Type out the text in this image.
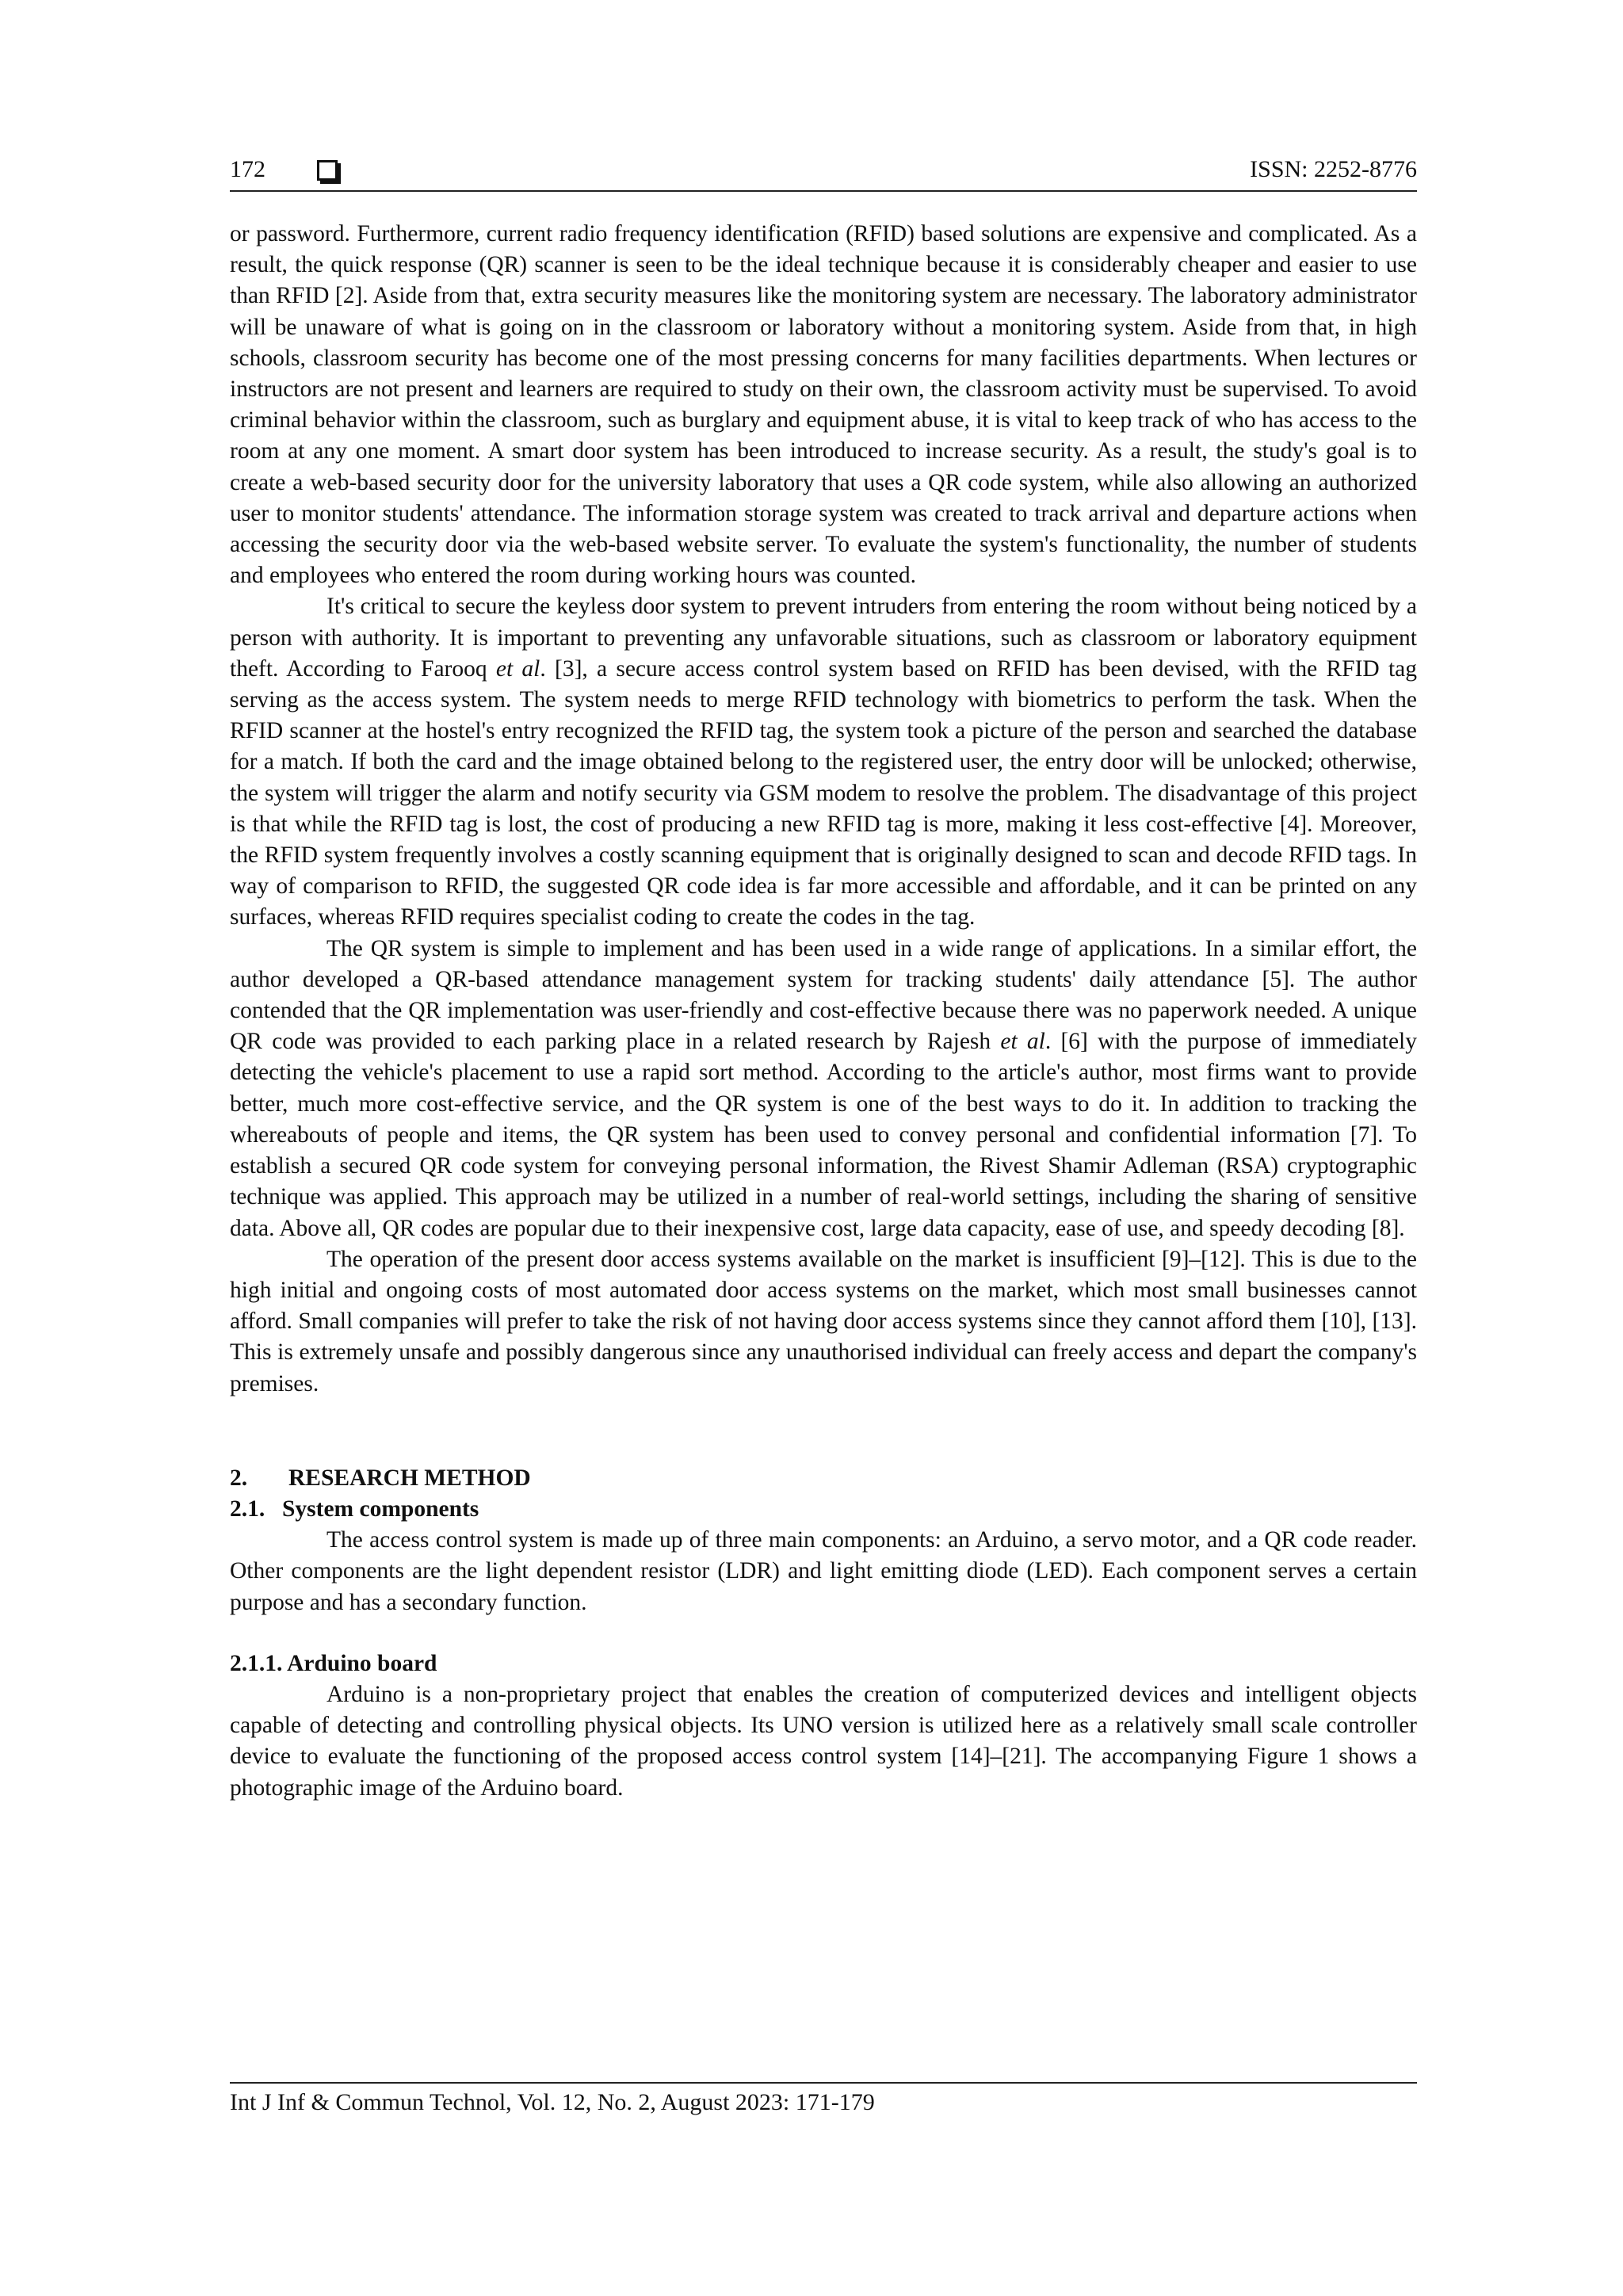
172	ISSN: 2252-8776

or password. Furthermore, current radio frequency identification (RFID) based solutions are expensive and complicated. As a result, the quick response (QR) scanner is seen to be the ideal technique because it is considerably cheaper and easier to use than RFID [2]. Aside from that, extra security measures like the monitoring system are necessary. The laboratory administrator will be unaware of what is going on in the classroom or laboratory without a monitoring system. Aside from that, in high schools, classroom security has become one of the most pressing concerns for many facilities departments. When lectures or instructors are not present and learners are required to study on their own, the classroom activity must be supervised. To avoid criminal behavior within the classroom, such as burglary and equipment abuse, it is vital to keep track of who has access to the room at any one moment. A smart door system has been introduced to increase security. As a result, the study's goal is to create a web-based security door for the university laboratory that uses a QR code system, while also allowing an authorized user to monitor students' attendance. The information storage system was created to track arrival and departure actions when accessing the security door via the web-based website server. To evaluate the system's functionality, the number of students and employees who entered the room during working hours was counted.

It's critical to secure the keyless door system to prevent intruders from entering the room without being noticed by a person with authority. It is important to preventing any unfavorable situations, such as classroom or laboratory equipment theft. According to Farooq et al. [3], a secure access control system based on RFID has been devised, with the RFID tag serving as the access system. The system needs to merge RFID technology with biometrics to perform the task. When the RFID scanner at the hostel's entry recognized the RFID tag, the system took a picture of the person and searched the database for a match. If both the card and the image obtained belong to the registered user, the entry door will be unlocked; otherwise, the system will trigger the alarm and notify security via GSM modem to resolve the problem. The disadvantage of this project is that while the RFID tag is lost, the cost of producing a new RFID tag is more, making it less cost-effective [4]. Moreover, the RFID system frequently involves a costly scanning equipment that is originally designed to scan and decode RFID tags. In way of comparison to RFID, the suggested QR code idea is far more accessible and affordable, and it can be printed on any surfaces, whereas RFID requires specialist coding to create the codes in the tag.

The QR system is simple to implement and has been used in a wide range of applications. In a similar effort, the author developed a QR-based attendance management system for tracking students' daily attendance [5]. The author contended that the QR implementation was user-friendly and cost-effective because there was no paperwork needed. A unique QR code was provided to each parking place in a related research by Rajesh et al. [6] with the purpose of immediately detecting the vehicle's placement to use a rapid sort method. According to the article's author, most firms want to provide better, much more cost-effective service, and the QR system is one of the best ways to do it. In addition to tracking the whereabouts of people and items, the QR system has been used to convey personal and confidential information [7]. To establish a secured QR code system for conveying personal information, the Rivest Shamir Adleman (RSA) cryptographic technique was applied. This approach may be utilized in a number of real-world settings, including the sharing of sensitive data. Above all, QR codes are popular due to their inexpensive cost, large data capacity, ease of use, and speedy decoding [8].

The operation of the present door access systems available on the market is insufficient [9]–[12]. This is due to the high initial and ongoing costs of most automated door access systems on the market, which most small businesses cannot afford. Small companies will prefer to take the risk of not having door access systems since they cannot afford them [10], [13]. This is extremely unsafe and possibly dangerous since any unauthorised individual can freely access and depart the company's premises.

2. RESEARCH METHOD
2.1. System components

The access control system is made up of three main components: an Arduino, a servo motor, and a QR code reader. Other components are the light dependent resistor (LDR) and light emitting diode (LED). Each component serves a certain purpose and has a secondary function.

2.1.1. Arduino board

Arduino is a non-proprietary project that enables the creation of computerized devices and intelligent objects capable of detecting and controlling physical objects. Its UNO version is utilized here as a relatively small scale controller device to evaluate the functioning of the proposed access control system [14]–[21]. The accompanying Figure 1 shows a photographic image of the Arduino board.

Int J Inf & Commun Technol, Vol. 12, No. 2, August 2023: 171-179
